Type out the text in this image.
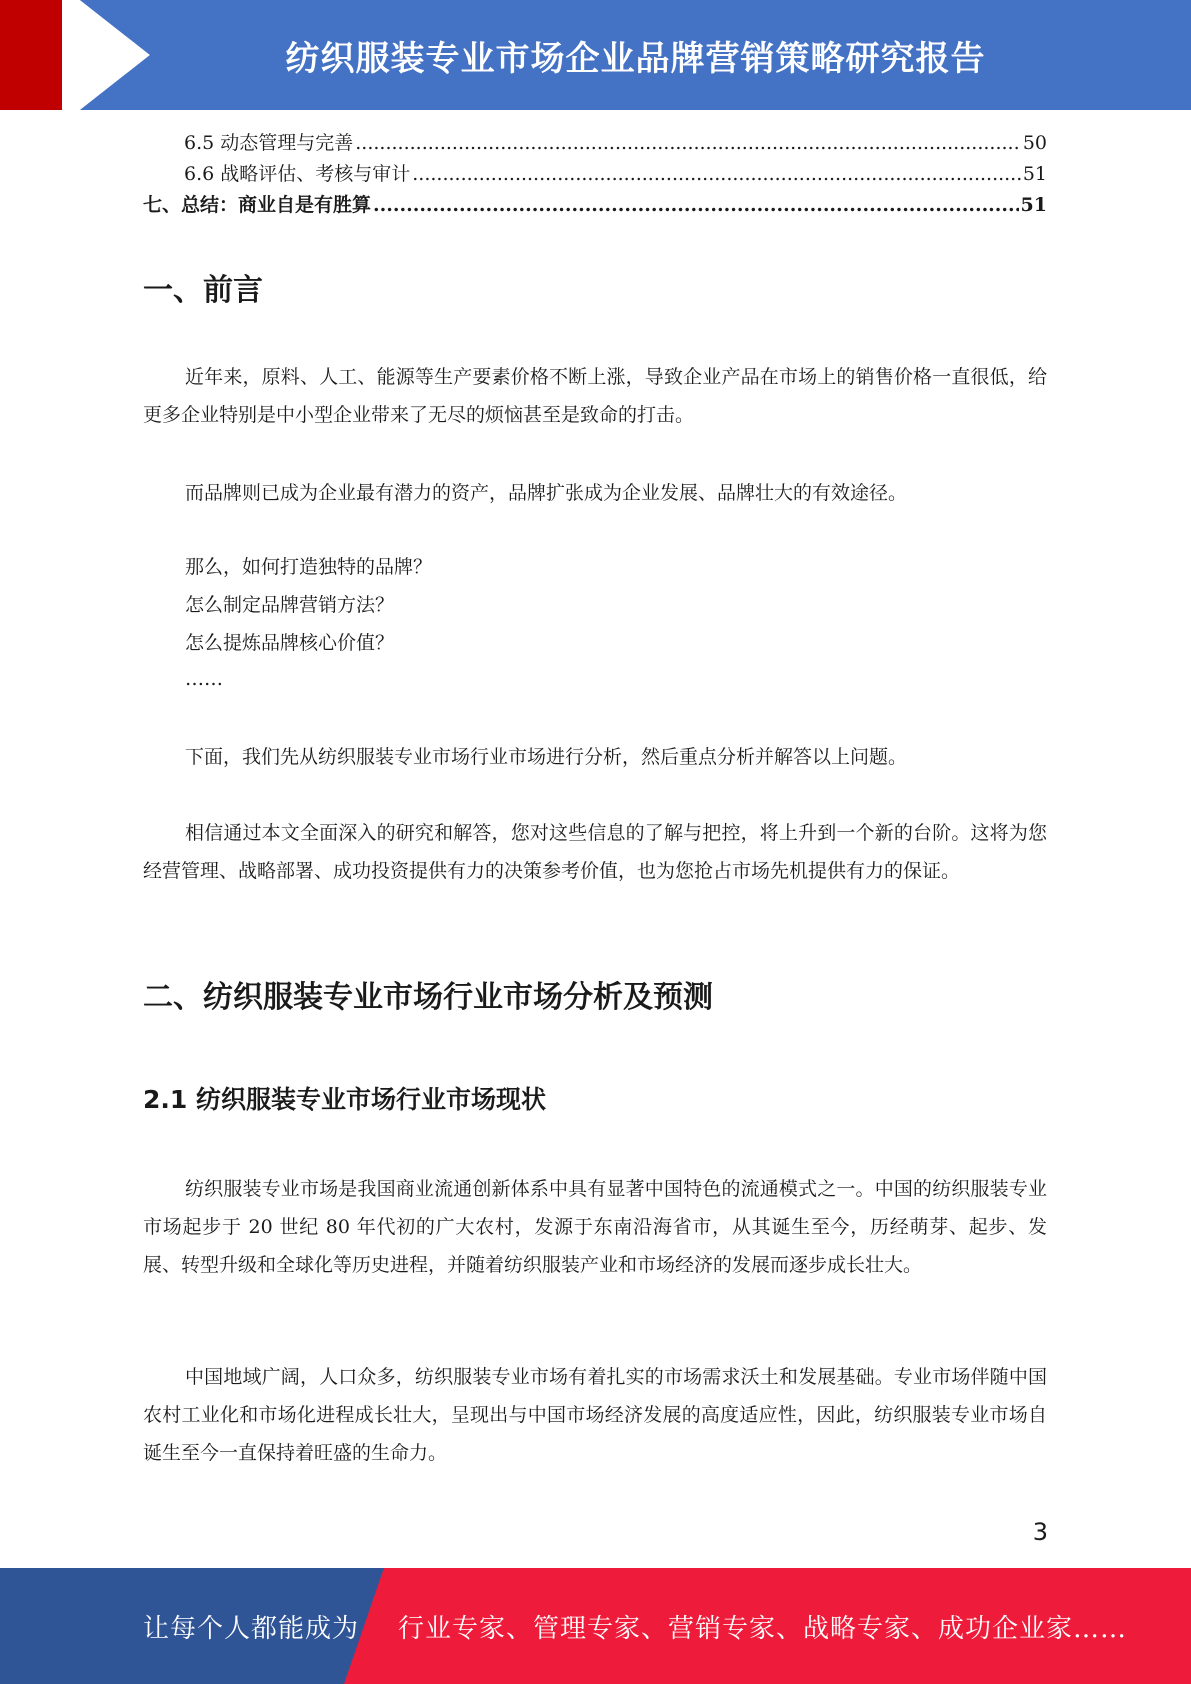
纺织服装专业市场企业品牌营销策略研究报告
6.5 动态管理与完善 .....	50
6.6 战略评估、考核与审计 .....	51
七、总结：商业自是有胜算 .....	51
一、前言

近年来，原料、人工、能源等生产要素价格不断上涨，导致企业产品在市场上的销售价格一直很低，给更多企业特别是中小型企业带来了无尽的烦恼甚至是致命的打击。

而品牌则已成为企业最有潜力的资产，品牌扩张成为企业发展、品牌壮大的有效途径。

那么，如何打造独特的品牌？

怎么制定品牌营销方法？

怎么提炼品牌核心价值？

……

下面，我们先从纺织服装专业市场行业市场进行分析，然后重点分析并解答以上问题。

相信通过本文全面深入的研究和解答，您对这些信息的了解与把控，将上升到一个新的台阶。这将为您经营管理、战略部署、成功投资提供有力的决策参考价值，也为您抢占市场先机提供有力的保证。

二、纺织服装专业市场行业市场分析及预测
2.1 纺织服装专业市场行业市场现状

纺织服装专业市场是我国商业流通创新体系中具有显著中国特色的流通模式之一。中国的纺织服装专业市场起步于 20 世纪 80 年代初的广大农村，发源于东南沿海省市，从其诞生至今，历经萌芽、起步、发展、转型升级和全球化等历史进程，并随着纺织服装产业和市场经济的发展而逐步成长壮大。

中国地域广阔，人口众多，纺织服装专业市场有着扎实的市场需求沃土和发展基础。专业市场伴随中国农村工业化和市场化进程成长壮大，呈现出与中国市场经济发展的高度适应性，因此，纺织服装专业市场自诞生至今一直保持着旺盛的生命力。

3
让每个人都能成为 行业专家、管理专家、营销专家、战略专家、成功企业家……
